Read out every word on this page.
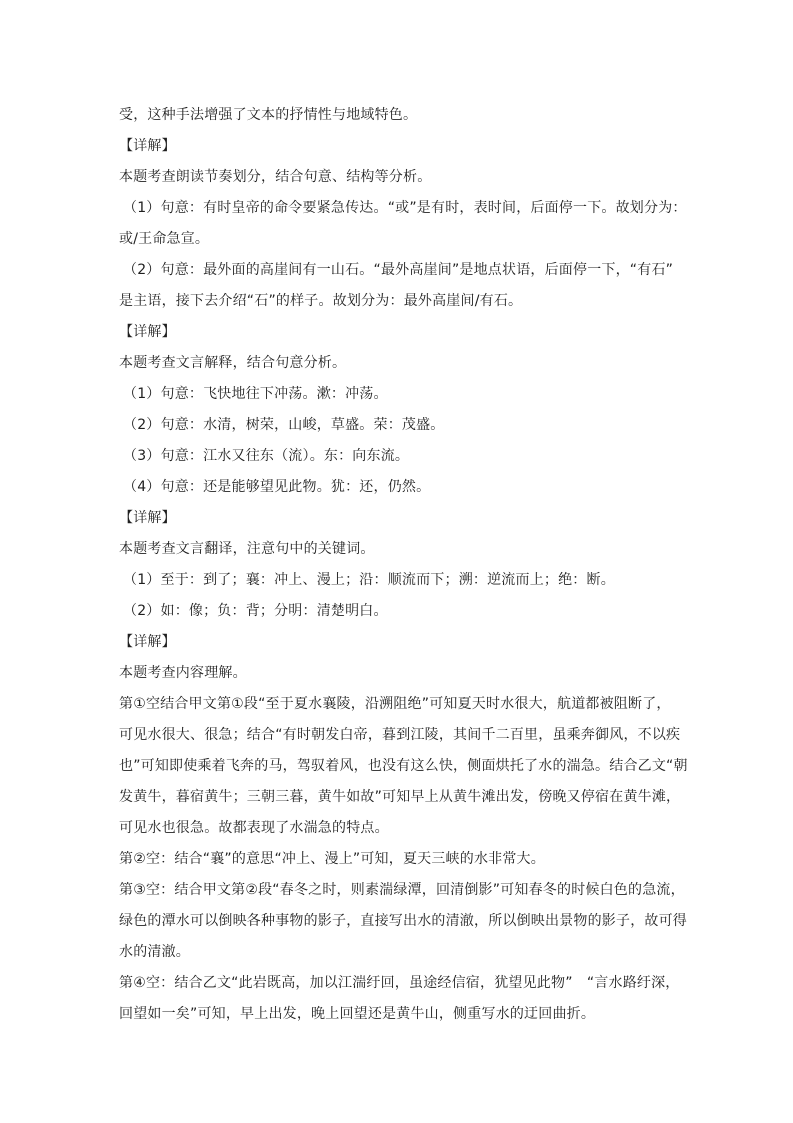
受，这种手法增强了文本的抒情性与地域特色。
【详解】
本题考查朗读节奏划分，结合句意、结构等分析。
（1）句意：有时皇帝的命令要紧急传达。“或”是有时，表时间，后面停一下。故划分为：
或/王命急宣。
（2）句意：最外面的高崖间有一山石。“最外高崖间”是地点状语，后面停一下，“有石”
是主语，接下去介绍“石”的样子。故划分为：最外高崖间/有石。
【详解】
本题考查文言解释，结合句意分析。
（1）句意：飞快地往下冲荡。漱：冲荡。
（2）句意：水清，树荣，山峻，草盛。荣：茂盛。
（3）句意：江水又往东（流）。东：向东流。
（4）句意：还是能够望见此物。犹：还，仍然。
【详解】
本题考查文言翻译，注意句中的关键词。
（1）至于：到了；襄：冲上、漫上；沿：顺流而下；溯：逆流而上；绝：断。
（2）如：像；负：背；分明：清楚明白。
【详解】
本题考查内容理解。
第①空结合甲文第①段“至于夏水襄陵，沿溯阻绝”可知夏天时水很大，航道都被阻断了，
可见水很大、很急；结合“有时朝发白帝，暮到江陵，其间千二百里，虽乘奔御风，不以疾
也”可知即使乘着飞奔的马，驾驭着风，也没有这么快，侧面烘托了水的湍急。结合乙文“朝
发黄牛，暮宿黄牛；三朝三暮，黄牛如故”可知早上从黄牛滩出发，傍晚又停宿在黄牛滩，
可见水也很急。故都表现了水湍急的特点。
第②空：结合“襄”的意思“冲上、漫上”可知，夏天三峡的水非常大。
第③空：结合甲文第②段“春冬之时，则素湍绿潭，回清倒影”可知春冬的时候白色的急流，
绿色的潭水可以倒映各种事物的影子，直接写出水的清澈，所以倒映出景物的影子，故可得
水的清澈。
第④空：结合乙文“此岩既高，加以江湍纡回，虽途经信宿，犹望见此物”　“言水路纡深，
回望如一矣”可知，早上出发，晚上回望还是黄牛山，侧重写水的迂回曲折。
